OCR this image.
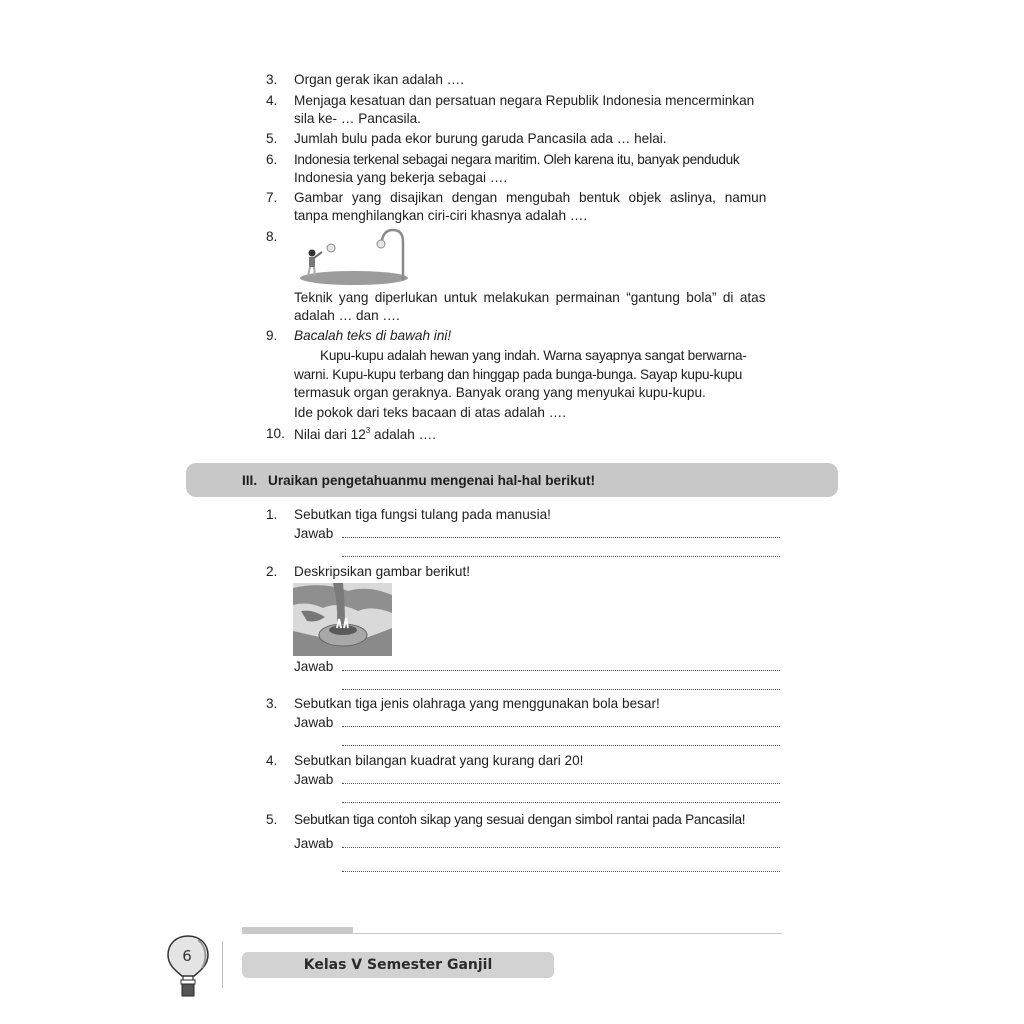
3. Organ gerak ikan adalah ….
4. Menjaga kesatuan dan persatuan negara Republik Indonesia mencerminkan
sila ke- … Pancasila.
5. Jumlah bulu pada ekor burung garuda Pancasila ada … helai.
6. Indonesia terkenal sebagai negara maritim. Oleh karena itu, banyak penduduk
Indonesia yang bekerja sebagai ….
7. Gambar yang disajikan dengan mengubah bentuk objek aslinya, namun
tanpa menghilangkan ciri-ciri khasnya adalah ….
8.
Teknik yang diperlukan untuk melakukan permainan “gantung bola” di atas
adalah … dan ….
9. Bacalah teks di bawah ini!
Kupu-kupu adalah hewan yang indah. Warna sayapnya sangat berwarna-
warni. Kupu-kupu terbang dan hinggap pada bunga-bunga. Sayap kupu-kupu
termasuk organ geraknya. Banyak orang yang menyukai kupu-kupu.
Ide pokok dari teks bacaan di atas adalah ….
10. Nilai dari $12^3$ adalah ….
III. Uraikan pengetahuanmu mengenai hal-hal berikut!
1. Sebutkan tiga fungsi tulang pada manusia!
Jawab
2. Deskripsikan gambar berikut!
Jawab
3. Sebutkan tiga jenis olahraga yang menggunakan bola besar!
Jawab
4. Sebutkan bilangan kuadrat yang kurang dari 20!
Jawab
5. Sebutkan tiga contoh sikap yang sesuai dengan simbol rantai pada Pancasila!
Jawab
6	Kelas V Semester Ganjil
